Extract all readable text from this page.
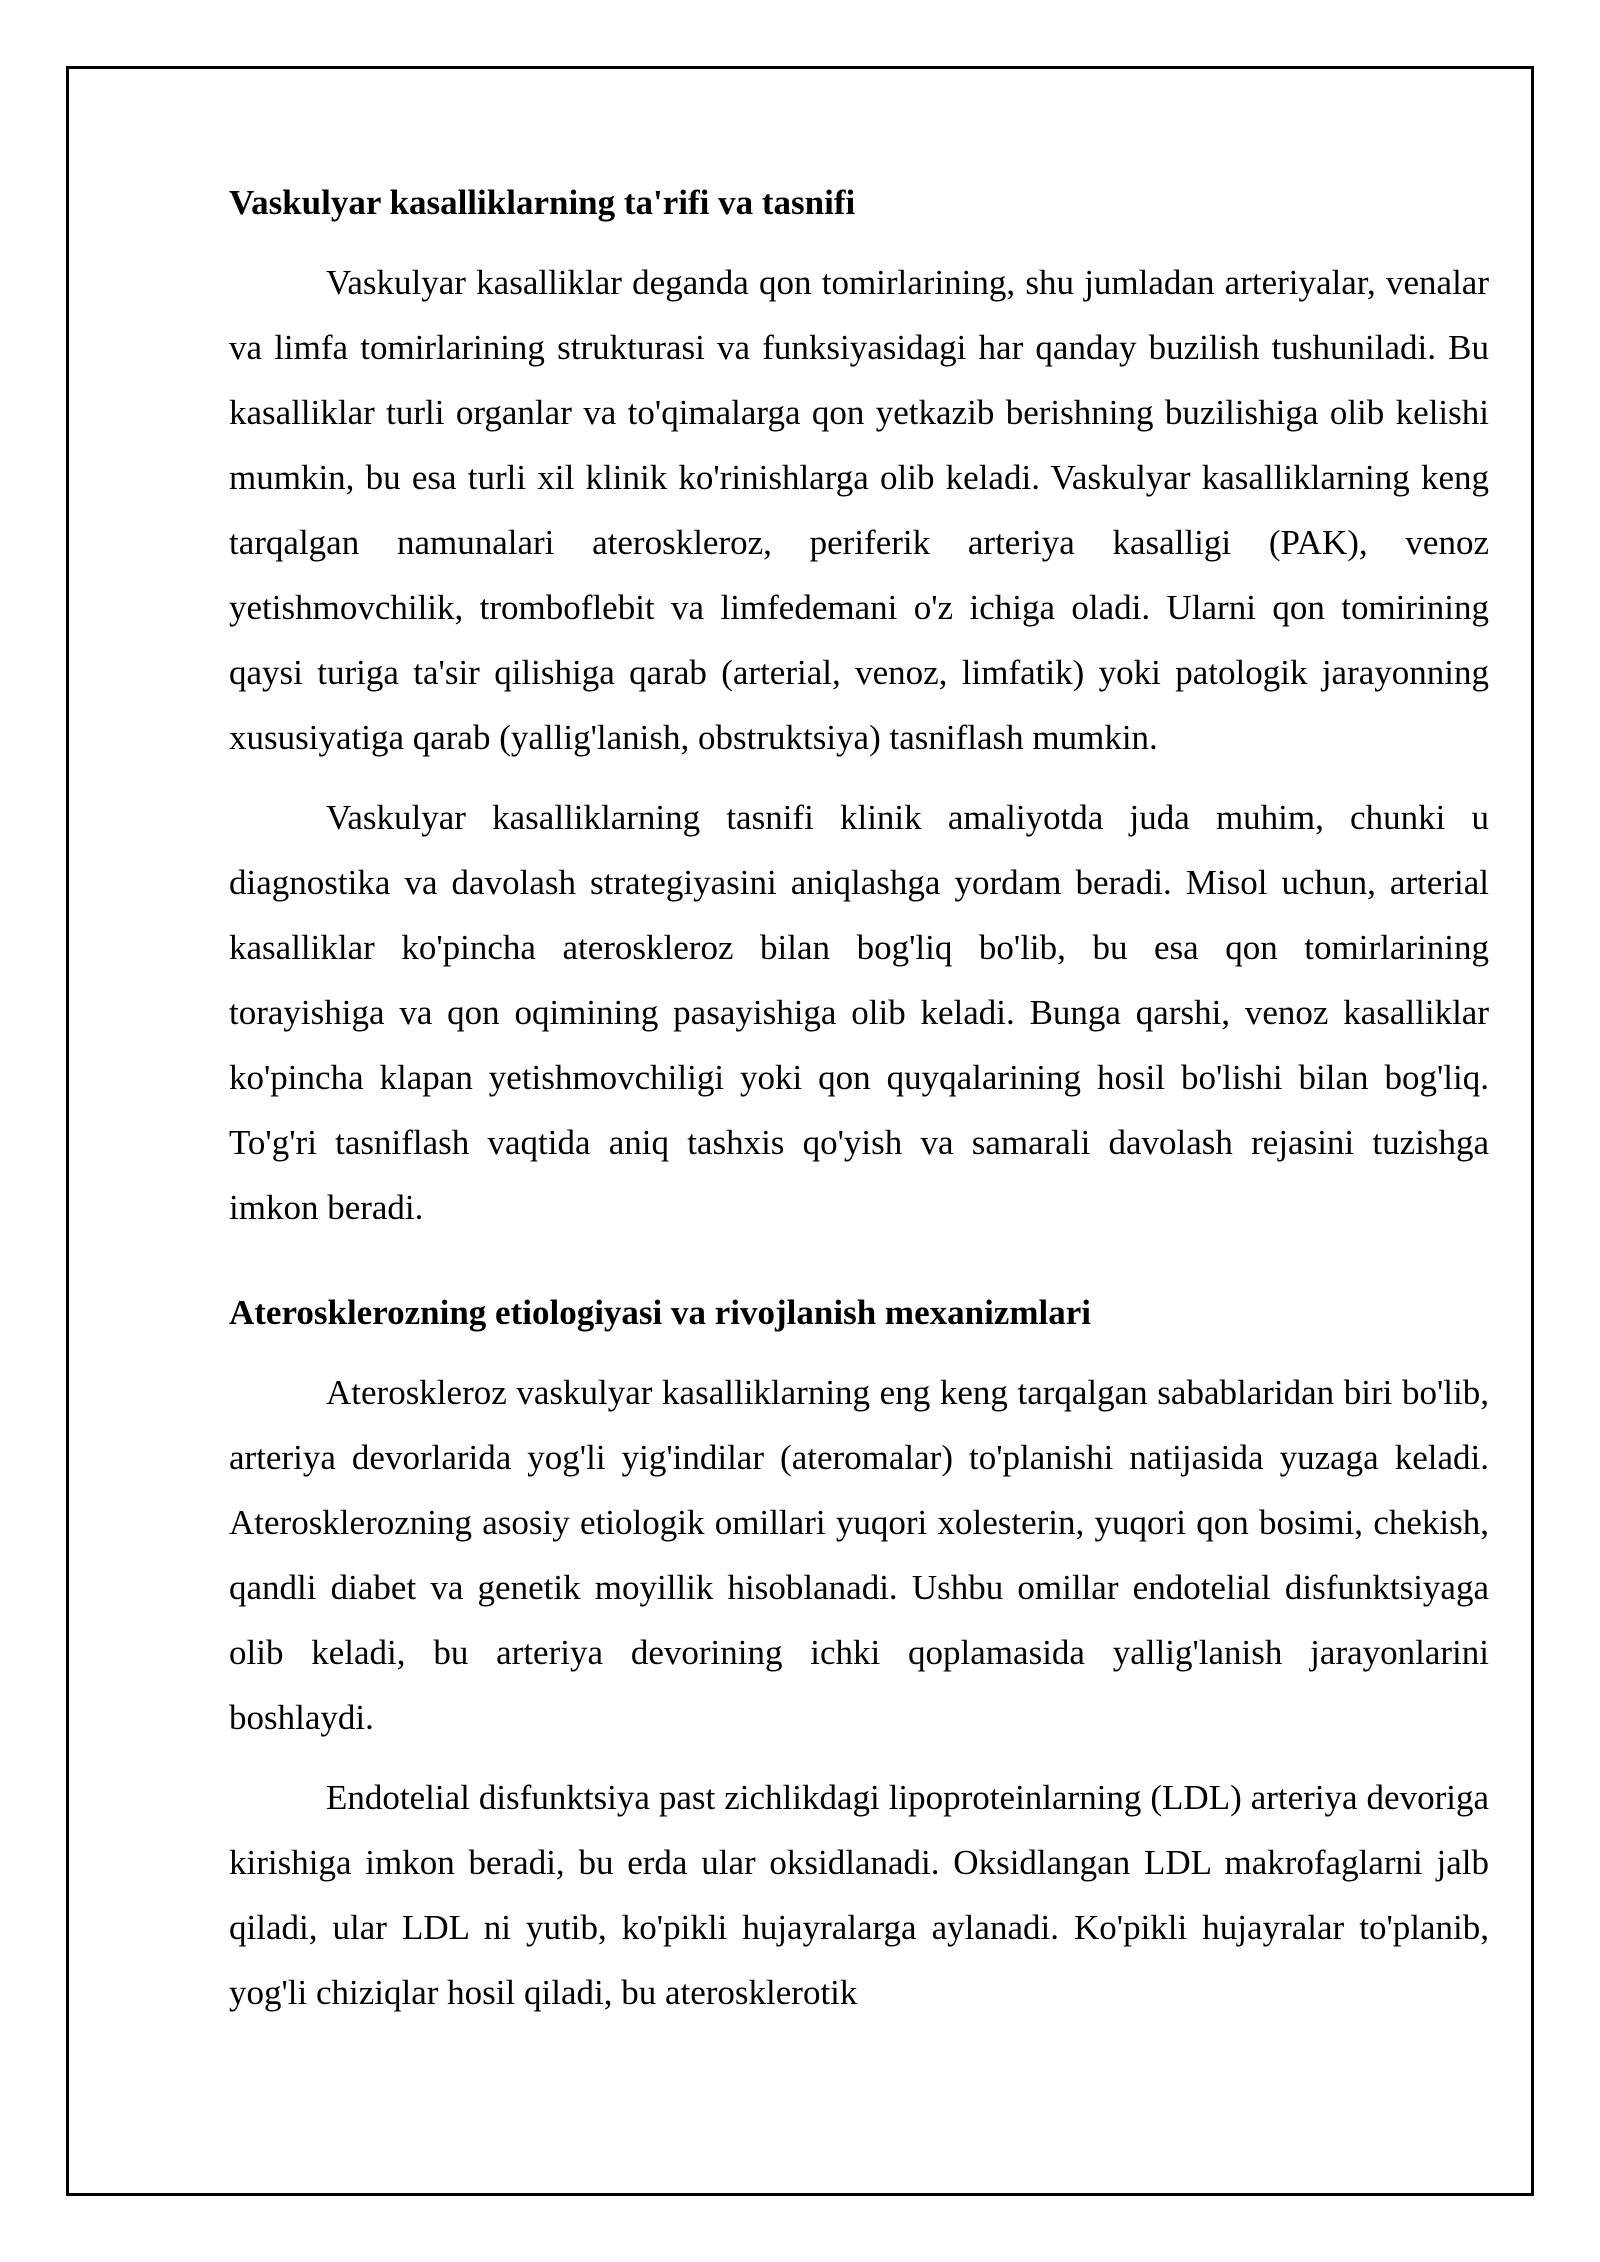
Vaskulyar kasalliklarning ta'rifi va tasnifi

Vaskulyar kasalliklar deganda qon tomirlarining, shu jumladan arteriyalar, venalar va limfa tomirlarining strukturasi va funksiyasidagi har qanday buzilish tushuniladi. Bu kasalliklar turli organlar va to'qimalarga qon yetkazib berishning buzilishiga olib kelishi mumkin, bu esa turli xil klinik ko'rinishlarga olib keladi. Vaskulyar kasalliklarning keng tarqalgan namunalari ateroskleroz, periferik arteriya kasalligi (PAK), venoz yetishmovchilik, tromboflebit va limfedemani o'z ichiga oladi. Ularni qon tomirining qaysi turiga ta'sir qilishiga qarab (arterial, venoz, limfatik) yoki patologik jarayonning xususiyatiga qarab (yallig'lanish, obstruktsiya) tasniflash mumkin.

Vaskulyar kasalliklarning tasnifi klinik amaliyotda juda muhim, chunki u diagnostika va davolash strategiyasini aniqlashga yordam beradi. Misol uchun, arterial kasalliklar ko'pincha ateroskleroz bilan bog'liq bo'lib, bu esa qon tomirlarining torayishiga va qon oqimining pasayishiga olib keladi. Bunga qarshi, venoz kasalliklar ko'pincha klapan yetishmovchiligi yoki qon quyqalarining hosil bo'lishi bilan bog'liq. To'g'ri tasniflash vaqtida aniq tashxis qo'yish va samarali davolash rejasini tuzishga imkon beradi.

Aterosklerozning etiologiyasi va rivojlanish mexanizmlari

Ateroskleroz vaskulyar kasalliklarning eng keng tarqalgan sabablaridan biri bo'lib, arteriya devorlarida yog'li yig'indilar (ateromalar) to'planishi natijasida yuzaga keladi. Aterosklerozning asosiy etiologik omillari yuqori xolesterin, yuqori qon bosimi, chekish, qandli diabet va genetik moyillik hisoblanadi. Ushbu omillar endotelial disfunktsiyaga olib keladi, bu arteriya devorining ichki qoplamasida yallig'lanish jarayonlarini boshlaydi.

Endotelial disfunktsiya past zichlikdagi lipoproteinlarning (LDL) arteriya devoriga kirishiga imkon beradi, bu erda ular oksidlanadi. Oksidlangan LDL makrofaglarni jalb qiladi, ular LDL ni yutib, ko'pikli hujayralarga aylanadi. Ko'pikli hujayralar to'planib, yog'li chiziqlar hosil qiladi, bu aterosklerotik
